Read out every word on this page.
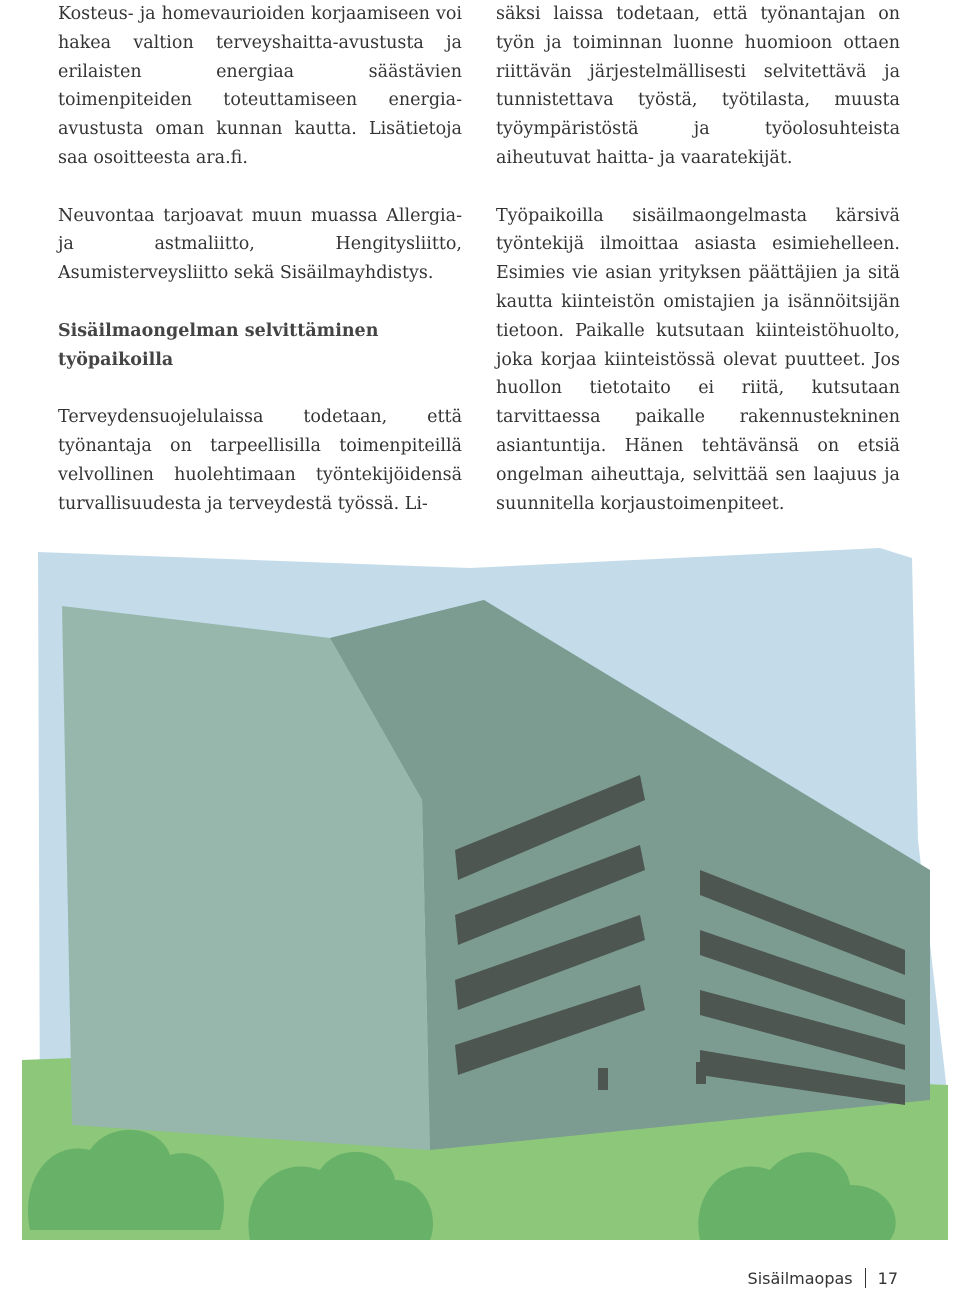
Kosteus- ja homevaurioiden korjaamiseen voi hakea valtion terveyshaitta-avustusta ja erilaisten energiaa säästävien toimenpiteiden toteuttamiseen energia-avustusta oman kunnan kautta. Lisätietoja saa osoitteesta ara.fi.

Neuvontaa tarjoavat muun muassa Allergia- ja astmaliitto, Hengitysliitto, Asumisterveysliitto sekä Sisäilmayhdistys.

Sisäilmaongelman selvittäminen työpaikoilla

Terveydensuojelulaissa todetaan, että työnantaja on tarpeellisilla toimenpiteillä velvollinen huolehtimaan työntekijöidensä turvallisuudesta ja terveydestä työssä. Li-

säksi laissa todetaan, että työnantajan on työn ja toiminnan luonne huomioon ottaen riittävän järjestelmällisesti selvitettävä ja tunnistettava työstä, työtilasta, muusta työympäristöstä ja työolosuhteista aiheutuvat haitta- ja vaaratekijät.

Työpaikoilla sisäilmaongelmasta kärsivä työntekijä ilmoittaa asiasta esimiehelleen. Esimies vie asian yrityksen päättäjien ja sitä kautta kiinteistön omistajien ja isännöitsijän tietoon. Paikalle kutsutaan kiinteistöhuolto, joka korjaa kiinteistössä olevat puutteet. Jos huollon tietotaito ei riitä, kutsutaan tarvittaessa paikalle rakennustekninen asiantuntija. Hänen tehtävänsä on etsiä ongelman aiheuttaja, selvittää sen laajuus ja suunnitella korjaustoimenpiteet.

Sisäilmaopas 17
